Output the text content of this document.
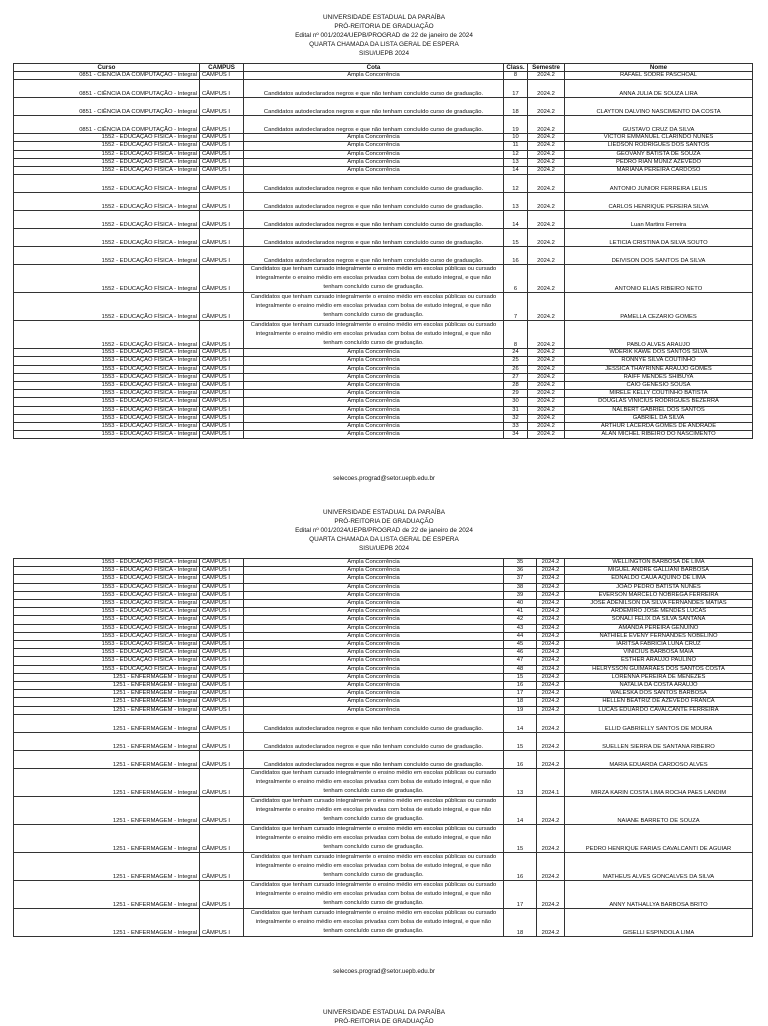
UNIVERSIDADE ESTADUAL DA PARAÍBA
PRÓ-REITORIA DE GRADUAÇÃO
Edital nº 001/2024/UEPB/PROGRAD de 22 de janeiro de 2024
QUARTA CHAMADA DA LISTA GERAL DE ESPERA
SISU/UEPB 2024
Curso	CAMPUS	Cota	Class.	Semestre	Nome
0851 - CIÊNCIA DA COMPUTAÇÃO - Integral	CÂMPUS I	Ampla Concorrência	8	2024.2	RAFAEL SODRE PASCHOAL
0851 - CIÊNCIA DA COMPUTAÇÃO - Integral	CÂMPUS I	Candidatos autodeclarados negros e que não tenham concluído curso de graduação.	17	2024.2	ANNA JULIA DE SOUZA LIRA
0851 - CIÊNCIA DA COMPUTAÇÃO - Integral	CÂMPUS I	Candidatos autodeclarados negros e que não tenham concluído curso de graduação.	18	2024.2	CLAYTON DALVINO NASCIMENTO DA COSTA
0851 - CIÊNCIA DA COMPUTAÇÃO - Integral	CÂMPUS I	Candidatos autodeclarados negros e que não tenham concluído curso de graduação.	19	2024.2	GUSTAVO CRUZ DA SILVA
1552 - EDUCAÇÃO FÍSICA - Integral	CÂMPUS I	Ampla Concorrência	10	2024.2	VICTOR EMMANUEL CLARINDO NUNES
1552 - EDUCAÇÃO FÍSICA - Integral	CÂMPUS I	Ampla Concorrência	11	2024.2	LIEDSON RODRIGUES DOS SANTOS
1552 - EDUCAÇÃO FÍSICA - Integral	CÂMPUS I	Ampla Concorrência	12	2024.2	GEOVANY BATISTA DE SOUZA
1552 - EDUCAÇÃO FÍSICA - Integral	CÂMPUS I	Ampla Concorrência	13	2024.2	PEDRO RIAN MUNIZ AZEVEDO
1552 - EDUCAÇÃO FÍSICA - Integral	CÂMPUS I	Ampla Concorrência	14	2024.2	MARIANA PEREIRA CARDOSO
1552 - EDUCAÇÃO FÍSICA - Integral	CÂMPUS I	Candidatos autodeclarados negros e que não tenham concluído curso de graduação.	12	2024.2	ANTONIO JUNIOR FERREIRA LELIS
1552 - EDUCAÇÃO FÍSICA - Integral	CÂMPUS I	Candidatos autodeclarados negros e que não tenham concluído curso de graduação.	13	2024.2	CARLOS HENRIQUE PEREIRA SILVA
1552 - EDUCAÇÃO FÍSICA - Integral	CÂMPUS I	Candidatos autodeclarados negros e que não tenham concluído curso de graduação.	14	2024.2	Luan Martins Ferreira
1552 - EDUCAÇÃO FÍSICA - Integral	CÂMPUS I	Candidatos autodeclarados negros e que não tenham concluído curso de graduação.	15	2024.2	LETICIA CRISTINA DA SILVA SOUTO
1552 - EDUCAÇÃO FÍSICA - Integral	CÂMPUS I	Candidatos autodeclarados negros e que não tenham concluído curso de graduação.	16	2024.2	DEIVISON DOS SANTOS DA SILVA
1552 - EDUCAÇÃO FÍSICA - Integral	CÂMPUS I	Candidatos que tenham cursado integralmente o ensino médio em escolas públicas ou cursado integralmente o ensino médio em escolas privadas com bolsa de estudo integral, e que não tenham concluído curso de graduação.	6	2024.2	ANTONIO ELIAS RIBEIRO NETO
1552 - EDUCAÇÃO FÍSICA - Integral	CÂMPUS I	Candidatos que tenham cursado integralmente o ensino médio em escolas públicas ou cursado integralmente o ensino médio em escolas privadas com bolsa de estudo integral, e que não tenham concluído curso de graduação.	7	2024.2	PAMELLA CEZARIO GOMES
1552 - EDUCAÇÃO FÍSICA - Integral	CÂMPUS I	Candidatos que tenham cursado integralmente o ensino médio em escolas públicas ou cursado integralmente o ensino médio em escolas privadas com bolsa de estudo integral, e que não tenham concluído curso de graduação.	8	2024.2	PABLO ALVES ARAUJO
1553 - EDUCAÇÃO FÍSICA - Integral	CÂMPUS I	Ampla Concorrência	24	2024.2	WDERIK KAWE DOS SANTOS SILVA
1553 - EDUCAÇÃO FÍSICA - Integral	CÂMPUS I	Ampla Concorrência	25	2024.2	RONNYE SILVA COUTINHO
1553 - EDUCAÇÃO FÍSICA - Integral	CÂMPUS I	Ampla Concorrência	26	2024.2	JESSICA THAYRINNE ARAUJO GOMES
1553 - EDUCAÇÃO FÍSICA - Integral	CÂMPUS I	Ampla Concorrência	27	2024.2	RAIFF MENDES SHIBUYA
1553 - EDUCAÇÃO FÍSICA - Integral	CÂMPUS I	Ampla Concorrência	28	2024.2	CAIO GENESIO SOUSA
1553 - EDUCAÇÃO FÍSICA - Integral	CÂMPUS I	Ampla Concorrência	29	2024.2	MIRELE KELLY COUTINHO BATISTA
1553 - EDUCAÇÃO FÍSICA - Integral	CÂMPUS I	Ampla Concorrência	30	2024.2	DOUGLAS VINICIUS RODRIGUES BEZERRA
1553 - EDUCAÇÃO FÍSICA - Integral	CÂMPUS I	Ampla Concorrência	31	2024.2	NALBERT GABRIEL DOS SANTOS
1553 - EDUCAÇÃO FÍSICA - Integral	CÂMPUS I	Ampla Concorrência	32	2024.2	GABRIEL DA SILVA
1553 - EDUCAÇÃO FÍSICA - Integral	CÂMPUS I	Ampla Concorrência	33	2024.2	ARTHUR LACERDA GOMES DE ANDRADE
1553 - EDUCAÇÃO FÍSICA - Integral	CÂMPUS I	Ampla Concorrência	34	2024.2	ALAN MICHEL RIBEIRO DO NASCIMENTO
selecoes.prograd@setor.uepb.edu.br
UNIVERSIDADE ESTADUAL DA PARAÍBA
PRÓ-REITORIA DE GRADUAÇÃO
Edital nº 001/2024/UEPB/PROGRAD de 22 de janeiro de 2024
QUARTA CHAMADA DA LISTA GERAL DE ESPERA
SISU/UEPB 2024
1553 - EDUCAÇÃO FÍSICA - Integral	CÂMPUS I	Ampla Concorrência	35	2024.2	WELLINGTON BARBOSA DE LIMA
1553 - EDUCAÇÃO FÍSICA - Integral	CÂMPUS I	Ampla Concorrência	36	2024.2	MIGUEL ANDRE GALLIANI BARBOSA
1553 - EDUCAÇÃO FÍSICA - Integral	CÂMPUS I	Ampla Concorrência	37	2024.2	EDNALDO CAUA AQUINO DE LIMA
1553 - EDUCAÇÃO FÍSICA - Integral	CÂMPUS I	Ampla Concorrência	38	2024.2	JOAO PEDRO BATISTA NUNES
1553 - EDUCAÇÃO FÍSICA - Integral	CÂMPUS I	Ampla Concorrência	39	2024.2	EVERSON MARCELO NOBREGA FERREIRA
1553 - EDUCAÇÃO FÍSICA - Integral	CÂMPUS I	Ampla Concorrência	40	2024.2	JOSE ADENILSON DA SILVA FERNANDES MATIAS
1553 - EDUCAÇÃO FÍSICA - Integral	CÂMPUS I	Ampla Concorrência	41	2024.2	ARDEMIRO JOSE MENDES LUCAS
1553 - EDUCAÇÃO FÍSICA - Integral	CÂMPUS I	Ampla Concorrência	42	2024.2	SONALI FELIX DA SILVA SANTANA
1553 - EDUCAÇÃO FÍSICA - Integral	CÂMPUS I	Ampla Concorrência	43	2024.2	AMANDA PEREIRA GENUINO
1553 - EDUCAÇÃO FÍSICA - Integral	CÂMPUS I	Ampla Concorrência	44	2024.2	NATHIELE EVENY FERNANDES NOBELINO
1553 - EDUCAÇÃO FÍSICA - Integral	CÂMPUS I	Ampla Concorrência	45	2024.2	IARITSA FABRICIA LUNA CRUZ
1553 - EDUCAÇÃO FÍSICA - Integral	CÂMPUS I	Ampla Concorrência	46	2024.2	VINICIUS BARBOSA MAIA
1553 - EDUCAÇÃO FÍSICA - Integral	CÂMPUS I	Ampla Concorrência	47	2024.2	ESTHER ARAUJO PAULINO
1553 - EDUCAÇÃO FÍSICA - Integral	CÂMPUS I	Ampla Concorrência	48	2024.2	HELRYSSON GUIMARAES DOS SANTOS COSTA
1251 - ENFERMAGEM - Integral	CÂMPUS I	Ampla Concorrência	15	2024.2	LORENNA PEREIRA DE MENEZES
1251 - ENFERMAGEM - Integral	CÂMPUS I	Ampla Concorrência	16	2024.2	NATALIA DA COSTA ARAUJO
1251 - ENFERMAGEM - Integral	CÂMPUS I	Ampla Concorrência	17	2024.2	WALESKA DOS SANTOS BARBOSA
1251 - ENFERMAGEM - Integral	CÂMPUS I	Ampla Concorrência	18	2024.2	HELLEN BEATRIZ DE AZEVEDO FRANCA
1251 - ENFERMAGEM - Integral	CÂMPUS I	Ampla Concorrência	19	2024.2	LUCAS EDUARDO CAVALCANTE FERREIRA
1251 - ENFERMAGEM - Integral	CÂMPUS I	Candidatos autodeclarados negros e que não tenham concluído curso de graduação.	14	2024.2	ELLID GABRIELLY SANTOS DE MOURA
1251 - ENFERMAGEM - Integral	CÂMPUS I	Candidatos autodeclarados negros e que não tenham concluído curso de graduação.	15	2024.2	SUELLEN SIERRA DE SANTANA RIBEIRO
1251 - ENFERMAGEM - Integral	CÂMPUS I	Candidatos autodeclarados negros e que não tenham concluído curso de graduação.	16	2024.2	MARIA EDUARDA CARDOSO ALVES
1251 - ENFERMAGEM - Integral	CÂMPUS I	Candidatos que tenham cursado integralmente o ensino médio em escolas públicas ou cursado integralmente o ensino médio em escolas privadas com bolsa de estudo integral, e que não tenham concluído curso de graduação.	13	2024.1	MIRZA KARIN COSTA LIMA ROCHA PAES LANDIM
1251 - ENFERMAGEM - Integral	CÂMPUS I	Candidatos que tenham cursado integralmente o ensino médio em escolas públicas ou cursado integralmente o ensino médio em escolas privadas com bolsa de estudo integral, e que não tenham concluído curso de graduação.	14	2024.2	NAIANE BARRETO DE SOUZA
1251 - ENFERMAGEM - Integral	CÂMPUS I	Candidatos que tenham cursado integralmente o ensino médio em escolas públicas ou cursado integralmente o ensino médio em escolas privadas com bolsa de estudo integral, e que não tenham concluído curso de graduação.	15	2024.2	PEDRO HENRIQUE FARIAS CAVALCANTI DE AGUIAR
1251 - ENFERMAGEM - Integral	CÂMPUS I	Candidatos que tenham cursado integralmente o ensino médio em escolas públicas ou cursado integralmente o ensino médio em escolas privadas com bolsa de estudo integral, e que não tenham concluído curso de graduação.	16	2024.2	MATHEUS ALVES GONCALVES DA SILVA
1251 - ENFERMAGEM - Integral	CÂMPUS I	Candidatos que tenham cursado integralmente o ensino médio em escolas públicas ou cursado integralmente o ensino médio em escolas privadas com bolsa de estudo integral, e que não tenham concluído curso de graduação.	17	2024.2	ANNY NATHALLYA BARBOSA BRITO
1251 - ENFERMAGEM - Integral	CÂMPUS I	Candidatos que tenham cursado integralmente o ensino médio em escolas públicas ou cursado integralmente o ensino médio em escolas privadas com bolsa de estudo integral, e que não tenham concluído curso de graduação.	18	2024.2	GISELLI ESPINDOLA LIMA
selecoes.prograd@setor.uepb.edu.br
UNIVERSIDADE ESTADUAL DA PARAÍBA
PRÓ-REITORIA DE GRADUAÇÃO
